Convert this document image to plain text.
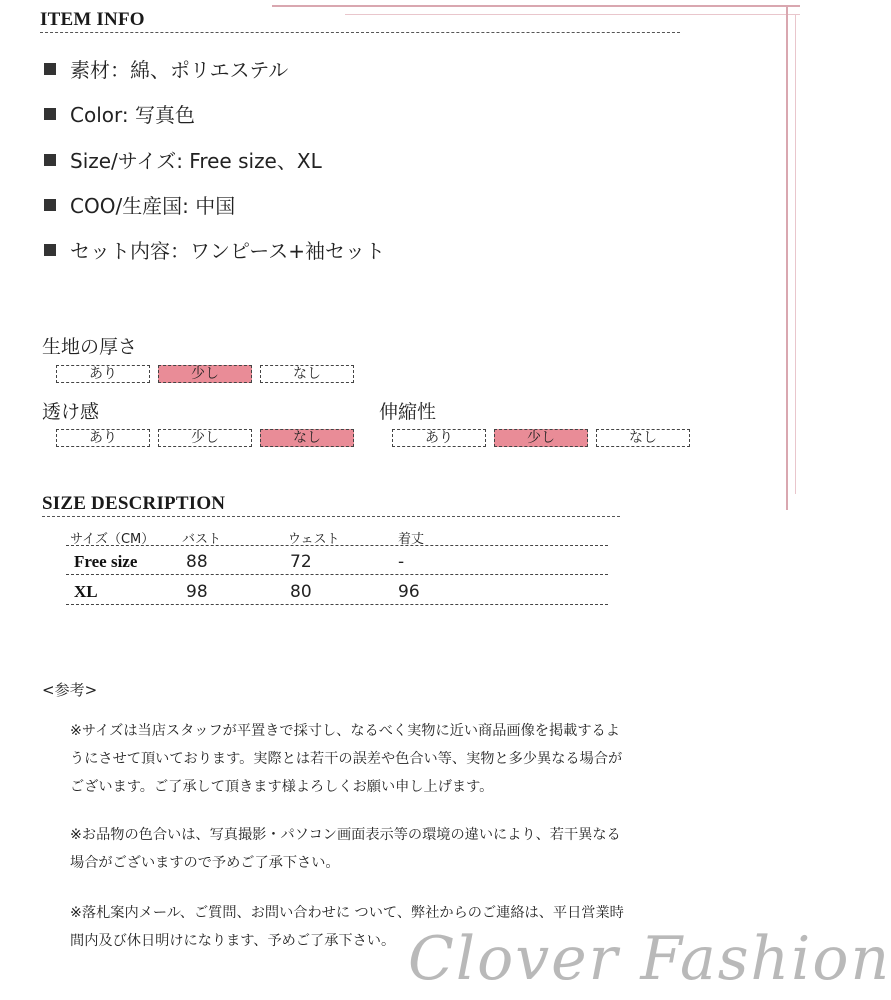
ITEM INFO
素材：綿、ポリエステル
Color: 写真色
Size/サイズ: Free size、XL
COO/生産国: 中国
セット内容：ワンピース+袖セット
生地の厚さ
あり	少し	なし
透け感
あり	少し	なし
伸縮性
あり	少し	なし
SIZE DESCRIPTION
サイズ（CM） バスト	ウェスト	着丈
Free size	88	72	-
XL	98	80	96
<参考>
※サイズは当店スタッフが平置きで採寸し、なるべく実物に近い商品画像を掲載するよ
うにさせて頂いております。実際とは若干の誤差や色合い等、実物と多少異なる場合が
ございます。ご了承して頂きます様よろしくお願い申し上げます。
※お品物の色合いは、写真撮影・パソコン画面表示等の環境の違いにより、若干異なる
場合がございますので予めご了承下さい。
※落札案内メール、ご質問、お問い合わせに ついて、弊社からのご連絡は、平日営業時
間内及び休日明けになります、予めご了承下さい。 Clover Fashion
